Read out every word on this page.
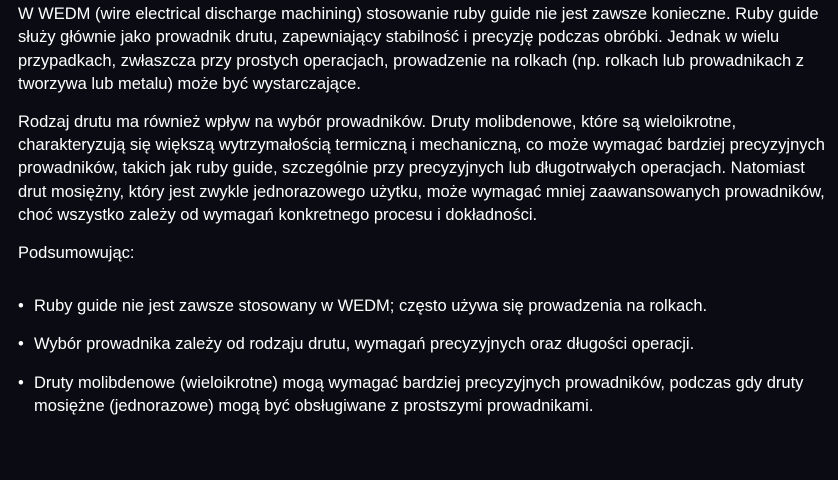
W WEDM (wire electrical discharge machining) stosowanie ruby guide nie jest zawsze konieczne. Ruby guide służy głównie jako prowadnik drutu, zapewniający stabilność i precyzję podczas obróbki. Jednak w wielu przypadkach, zwłaszcza przy prostych operacjach, prowadzenie na rolkach (np. rolkach lub prowadnikach z tworzywa lub metalu) może być wystarczające.

Rodzaj drutu ma również wpływ na wybór prowadników. Druty molibdenowe, które są wieloikrotne, charakteryzują się większą wytrzymałością termiczną i mechaniczną, co może wymagać bardziej precyzyjnych prowadników, takich jak ruby guide, szczególnie przy precyzyjnych lub długotrwałych operacjach. Natomiast drut mosiężny, który jest zwykle jednorazowego użytku, może wymagać mniej zaawansowanych prowadników, choć wszystko zależy od wymagań konkretnego procesu i dokładności.

Podsumowując:

• Ruby guide nie jest zawsze stosowany w WEDM; często używa się prowadzenia na rolkach.
• Wybór prowadnika zależy od rodzaju drutu, wymagań precyzyjnych oraz długości operacji.
• Druty molibdenowe (wieloikrotne) mogą wymagać bardziej precyzyjnych prowadników, podczas gdy druty mosiężne (jednorazowe) mogą być obsługiwane z prostszymi prowadnikami.
